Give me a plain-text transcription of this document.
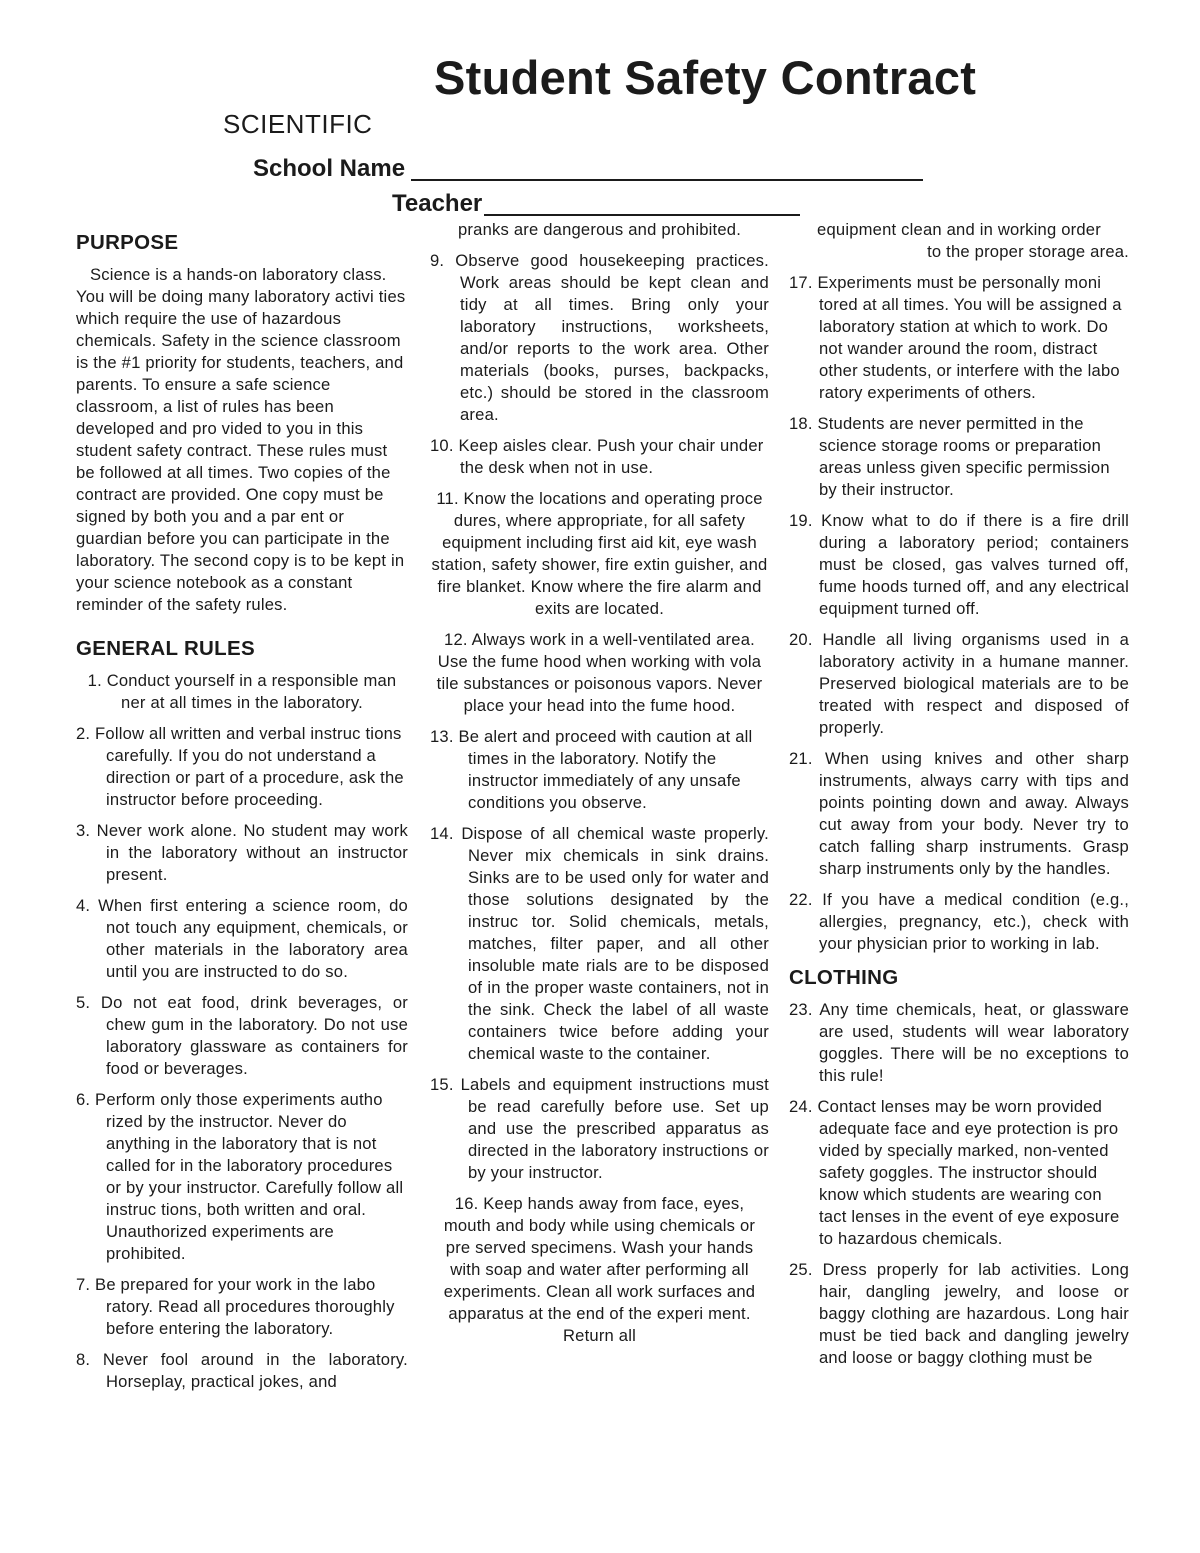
Student Safety Contract
SCIENTIFIC
School Name
Teacher
PURPOSE

Science is a hands-on laboratory class. You will be doing many laboratory activi ties which require the use of hazardous chemicals. Safety in the science classroom is the #1 priority for students, teachers, and parents. To ensure a safe science classroom, a list of rules has been developed and pro vided to you in this student safety contract. These rules must be followed at all times. Two copies of the contract are provided. One copy must be signed by both you and a par ent or guardian before you can participate in the laboratory. The second copy is to be kept in your science notebook as a constant reminder of the safety rules.

GENERAL RULES

1. Conduct yourself in a responsible man ner at all times in the laboratory.

2. Follow all written and verbal instruc tions carefully. If you do not understand a direction or part of a procedure, ask the instructor before proceeding.

3. Never work alone. No student may work in the laboratory without an instructor present.

4. When first entering a science room, do not touch any equipment, chemicals, or other materials in the laboratory area until you are instructed to do so.

5. Do not eat food, drink beverages, or chew gum in the laboratory. Do not use laboratory glassware as containers for food or beverages.

6. Perform only those experiments autho rized by the instructor. Never do anything in the laboratory that is not called for in the laboratory procedures or by your instructor. Carefully follow all instruc tions, both written and oral. Unauthorized experiments are prohibited.

7. Be prepared for your work in the labo ratory. Read all procedures thoroughly before entering the laboratory.

8. Never fool around in the laboratory. Horseplay, practical jokes, and

pranks are dangerous and prohibited.

9. Observe good housekeeping practices. Work areas should be kept clean and tidy at all times. Bring only your laboratory instructions, worksheets, and/or reports to the work area. Other materials (books, purses, backpacks, etc.) should be stored in the classroom area.

10. Keep aisles clear. Push your chair under the desk when not in use.

11. Know the locations and operating proce dures, where appropriate, for all safety equipment including first aid kit, eye wash station, safety shower, fire extin guisher, and fire blanket. Know where the fire alarm and exits are located.

12. Always work in a well-ventilated area. Use the fume hood when working with vola tile substances or poisonous vapors. Never place your head into the fume hood.

13. Be alert and proceed with caution at all times in the laboratory. Notify the instructor immediately of any unsafe conditions you observe.

14. Dispose of all chemical waste properly. Never mix chemicals in sink drains. Sinks are to be used only for water and those solutions designated by the instruc tor. Solid chemicals, metals, matches, filter paper, and all other insoluble mate rials are to be disposed of in the proper waste containers, not in the sink. Check the label of all waste containers twice before adding your chemical waste to the container.

15. Labels and equipment instructions must be read carefully before use. Set up and use the prescribed apparatus as directed in the laboratory instructions or by your instructor.

16. Keep hands away from face, eyes, mouth and body while using chemicals or pre served specimens. Wash your hands with soap and water after performing all experiments. Clean all work surfaces and apparatus at the end of the experi ment. Return all

equipment clean and in working order

to the proper storage area.

17. Experiments must be personally moni tored at all times. You will be assigned a laboratory station at which to work. Do not wander around the room, distract other students, or interfere with the labo ratory experiments of others.

18. Students are never permitted in the science storage rooms or preparation areas unless given specific permission by their instructor.

19. Know what to do if there is a fire drill during a laboratory period; containers must be closed, gas valves turned off, fume hoods turned off, and any electrical equipment turned off.

20. Handle all living organisms used in a laboratory activity in a humane manner. Preserved biological materials are to be treated with respect and disposed of properly.

21. When using knives and other sharp instruments, always carry with tips and points pointing down and away. Always cut away from your body. Never try to catch falling sharp instruments. Grasp sharp instruments only by the handles.

22. If you have a medical condition (e.g., allergies, pregnancy, etc.), check with your physician prior to working in lab.

CLOTHING

23. Any time chemicals, heat, or glassware are used, students will wear laboratory goggles. There will be no exceptions to this rule!

24. Contact lenses may be worn provided adequate face and eye protection is pro vided by specially marked, non-vented safety goggles. The instructor should know which students are wearing con tact lenses in the event of eye exposure to hazardous chemicals.

25. Dress properly for lab activities. Long hair, dangling jewelry, and loose or baggy clothing are hazardous. Long hair must be tied back and dangling jewelry and loose or baggy clothing must be
